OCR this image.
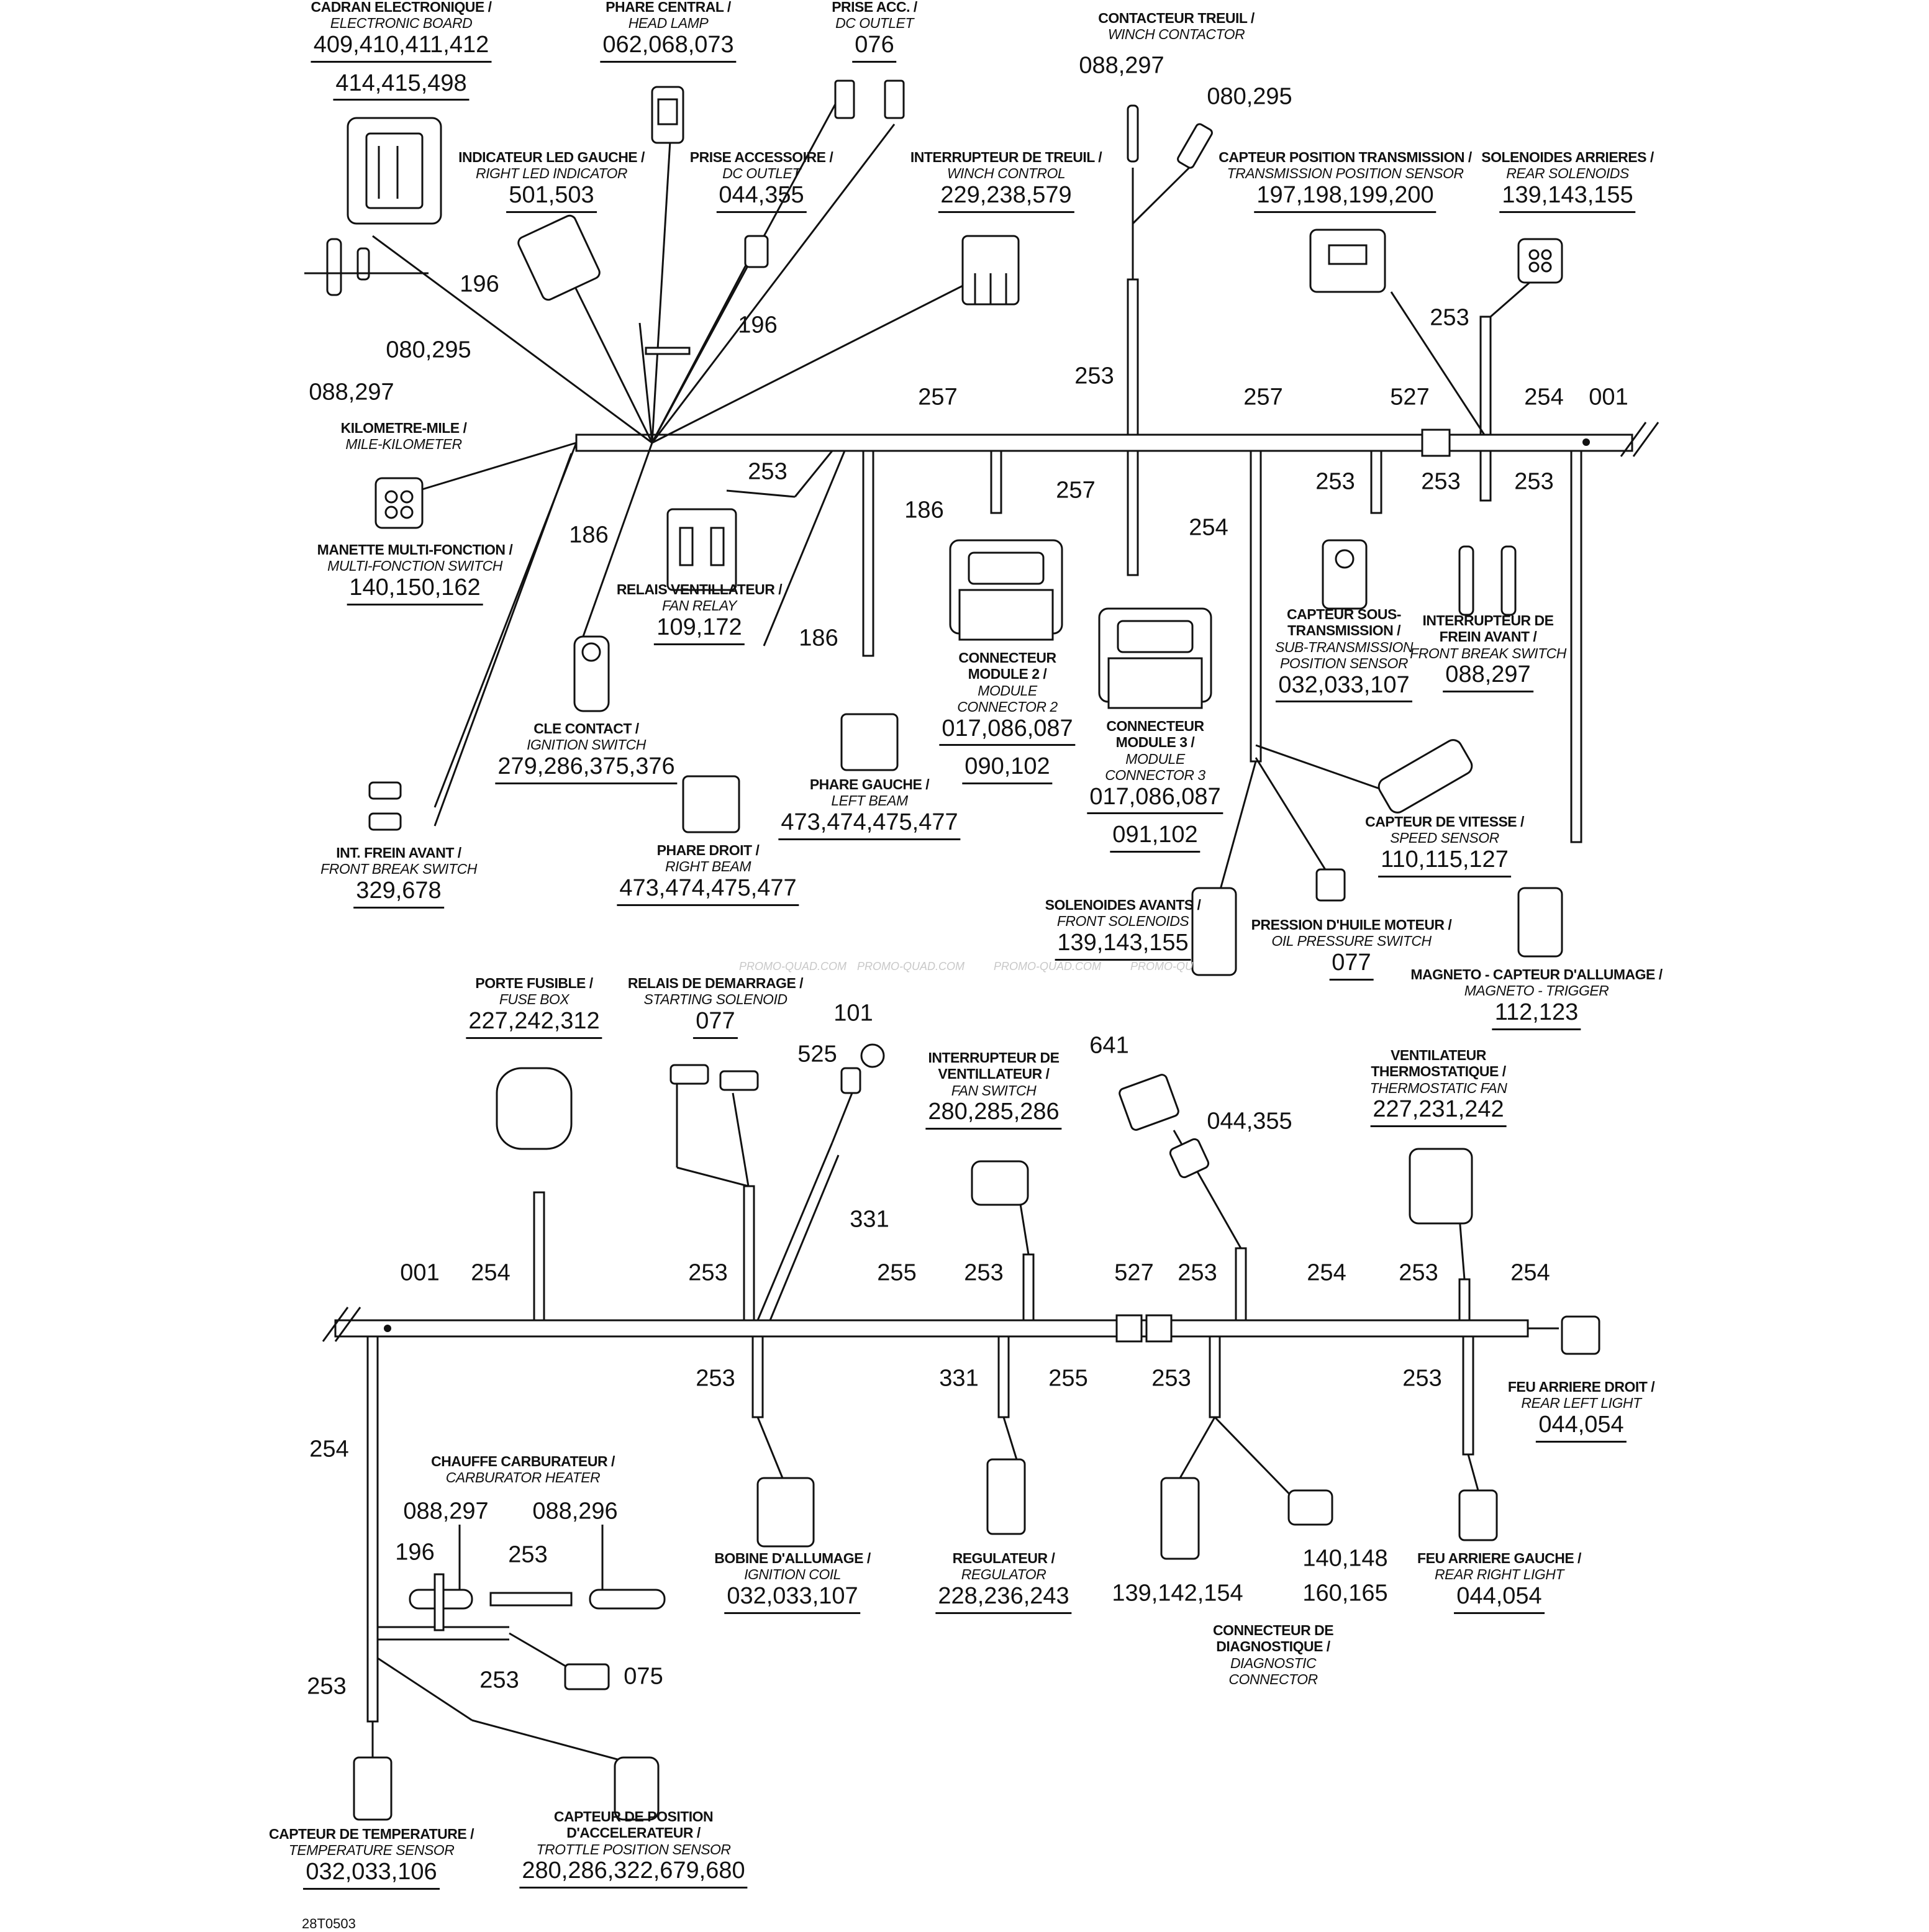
PROMO-QUAD.COM PROMO-QUAD.COM	PROMO-QUAD.COM	PROMO-QU
CADRAN ELECTRONIQUE /
ELECTRONIC BOARD
409,410,411,412
414,415,498
PHARE CENTRAL /
HEAD LAMP
062,068,073
PRISE ACC. /
DC OUTLET
076
CONTACTEUR TREUIL /
WINCH CONTACTOR
088,297
080,295
INDICATEUR LED GAUCHE /
RIGHT LED INDICATOR
501,503
PRISE ACCESSOIRE /
DC OUTLET
044,355
INTERRUPTEUR DE TREUIL /
WINCH CONTROL
229,238,579
CAPTEUR POSITION TRANSMISSION /
TRANSMISSION POSITION SENSOR
197,198,199,200
SOLENOIDES ARRIERES /
REAR SOLENOIDS
139,143,155
196
080,295
088,297
196
KILOMETRE-MILE /
MILE-KILOMETER
MANETTE MULTI-FONCTION /
MULTI-FONCTION SWITCH
140,150,162	RELAIS VENTILLATEUR /
FAN RELAY
109,172
CONNECTEUR
MODULE 2 /
MODULE
CONNECTOR 2
017,086,087
090,102
CONNECTEUR
MODULE 3 /
MODULE
CONNECTOR 3
017,086,087
091,102
CAPTEUR SOUS-
TRANSMISSION /
SUB-TRANSMISSION
POSITION SENSOR
032,033,107
INTERRUPTEUR DE
FREIN AVANT /
FRONT BREAK SWITCH
088,297
CLE CONTACT /
IGNITION SWITCH
279,286,375,376
PHARE GAUCHE /
LEFT BEAM
473,474,475,477
PHARE DROIT /
RIGHT BEAM
473,474,475,477
INT. FREIN AVANT /
FRONT BREAK SWITCH
329,678
CAPTEUR DE VITESSE /
SPEED SENSOR
110,115,127
SOLENOIDES AVANTS /
FRONT SOLENOIDS
139,143,155
PRESSION D'HUILE MOTEUR /
OIL PRESSURE SWITCH
077	MAGNETO - CAPTEUR D'ALLUMAGE /
MAGNETO - TRIGGER
112,123
PORTE FUSIBLE /
FUSE BOX
227,242,312
RELAIS DE DEMARRAGE /
STARTING SOLENOID
077
INTERRUPTEUR DE
VENTILLATEUR /
FAN SWITCH
280,285,286
VENTILATEUR
THERMOSTATIQUE /
THERMOSTATIC FAN
227,231,242
FEU ARRIERE DROIT /
REAR LEFT LIGHT
044,054
CHAUFFE CARBURATEUR /
CARBURATOR HEATER
088,297 088,296
BOBINE D'ALLUMAGE /
IGNITION COIL
032,033,107
REGULATEUR /
REGULATOR
228,236,243 139,142,154
140,148
160,165
CONNECTEUR DE
DIAGNOSTIQUE /
DIAGNOSTIC
CONNECTOR
FEU ARRIERE GAUCHE /
REAR RIGHT LIGHT
044,054
CAPTEUR DE TEMPERATURE /
TEMPERATURE SENSOR
032,033,106
CAPTEUR DE POSITION
D'ACCELERATEUR /
TROTTLE POSITION SENSOR
280,286,322,679,680
001
001
257	257
257
527
527
253
253
253	253	253 253
253	253	253	253
253	253	253
253
253
253
254
254
254	254	254
254
186
186
186
255
255
331
331
101
525	641
044,355
196
075
28T0503
